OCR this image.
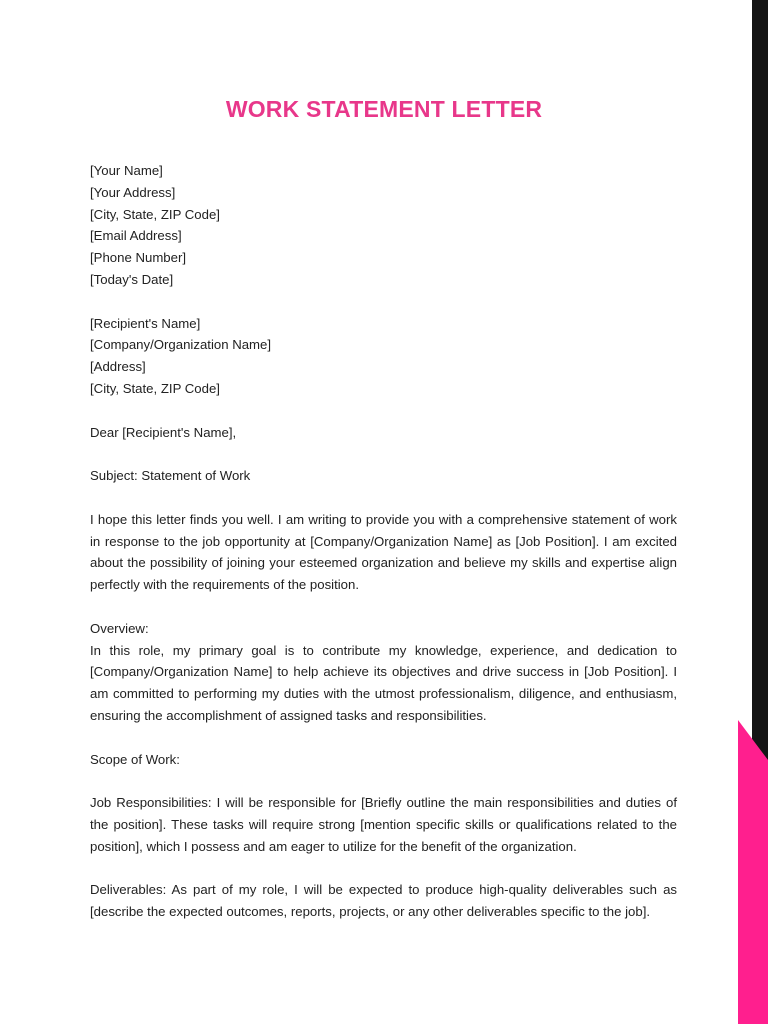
WORK STATEMENT LETTER
[Your Name]
[Your Address]
[City, State, ZIP Code]
[Email Address]
[Phone Number]
[Today's Date]
[Recipient's Name]
[Company/Organization Name]
[Address]
[City, State, ZIP Code]
Dear [Recipient's Name],
Subject: Statement of Work
I hope this letter finds you well. I am writing to provide you with a comprehensive statement of work in response to the job opportunity at [Company/Organization Name] as [Job Position]. I am excited about the possibility of joining your esteemed organization and believe my skills and expertise align perfectly with the requirements of the position.
Overview:
In this role, my primary goal is to contribute my knowledge, experience, and dedication to [Company/Organization Name] to help achieve its objectives and drive success in [Job Position]. I am committed to performing my duties with the utmost professionalism, diligence, and enthusiasm, ensuring the accomplishment of assigned tasks and responsibilities.
Scope of Work:
Job Responsibilities: I will be responsible for [Briefly outline the main responsibilities and duties of the position]. These tasks will require strong [mention specific skills or qualifications related to the position], which I possess and am eager to utilize for the benefit of the organization.
Deliverables: As part of my role, I will be expected to produce high-quality deliverables such as [describe the expected outcomes, reports, projects, or any other deliverables specific to the job].
